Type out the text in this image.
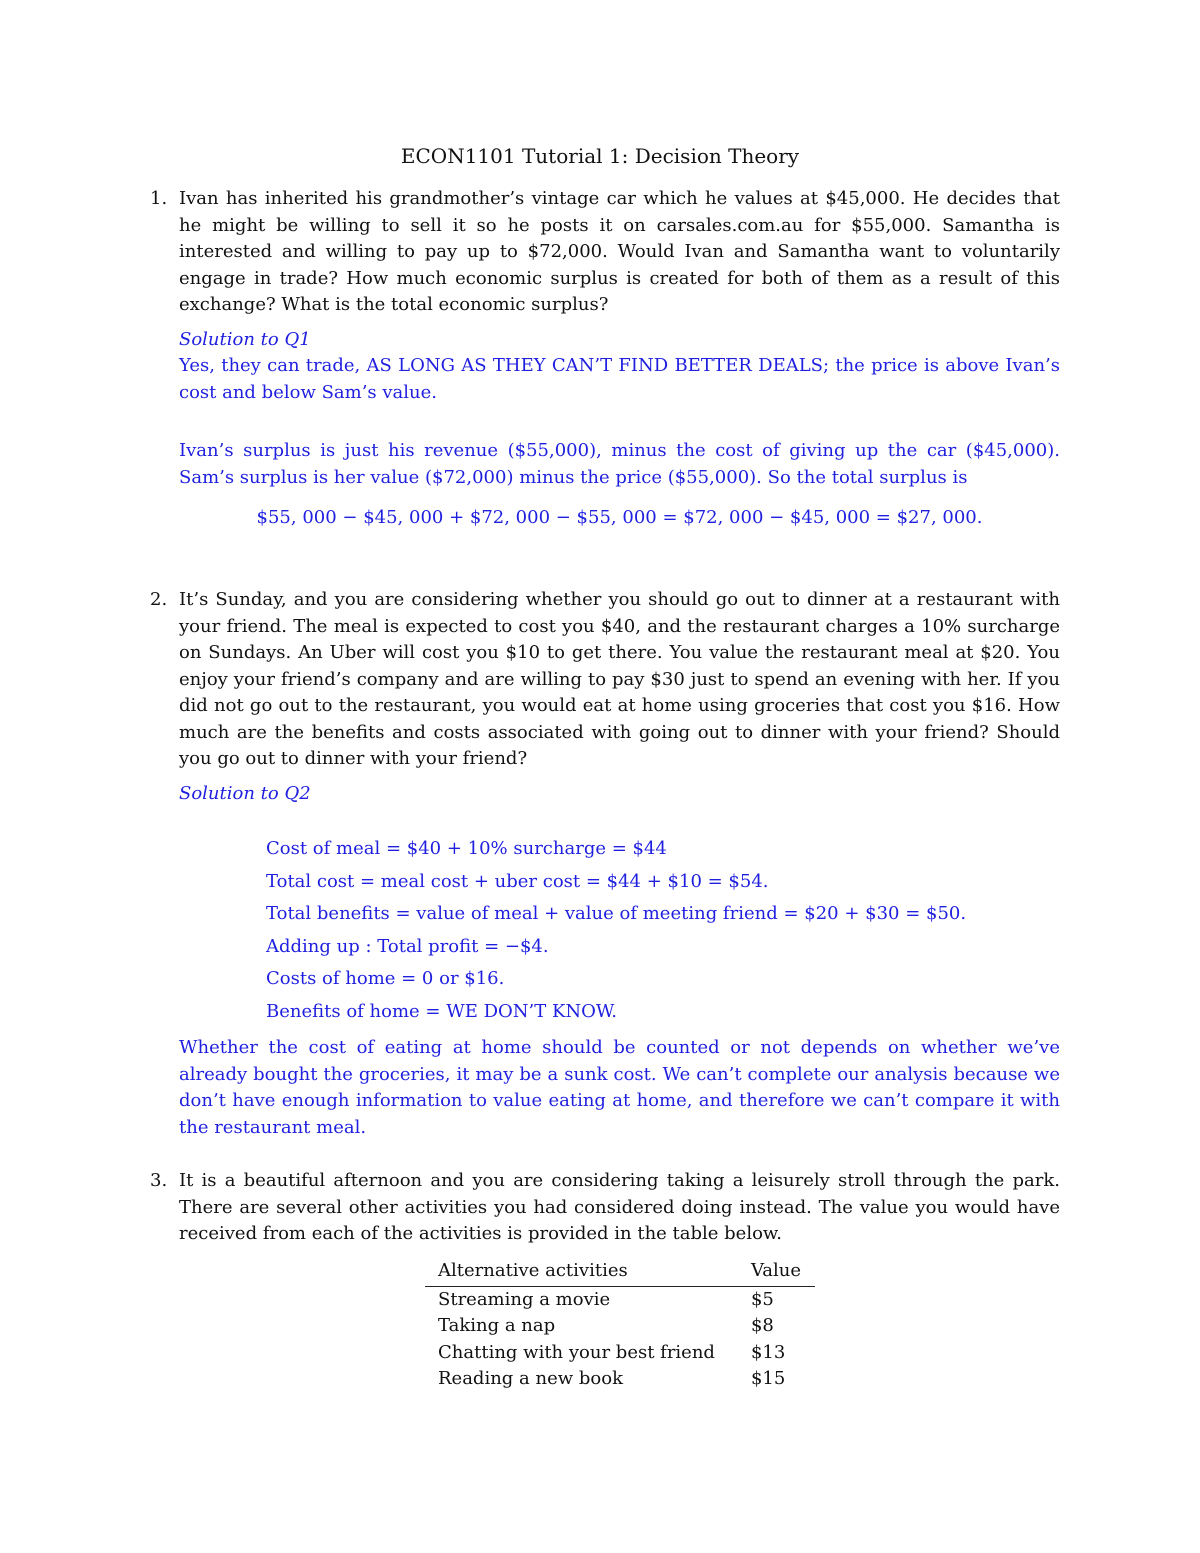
ECON1101 Tutorial 1: Decision Theory
1. Ivan has inherited his grandmother’s vintage car which he values at $45,000. He decides that he might be willing to sell it so he posts it on carsales.com.au for $55,000. Samantha is interested and willing to pay up to $72,000. Would Ivan and Samantha want to voluntarily engage in trade? How much economic surplus is created for both of them as a result of this exchange? What is the total economic surplus?

Solution to Q1

Yes, they can trade, AS LONG AS THEY CAN’T FIND BETTER DEALS; the price is above Ivan’s cost and below Sam’s value.

Ivan’s surplus is just his revenue ($55,000), minus the cost of giving up the car ($45,000). Sam’s surplus is her value ($72,000) minus the price ($55,000). So the total surplus is

$55, 000 − $45, 000 + $72, 000 − $55, 000 = $72, 000 − $45, 000 = $27, 000.
2. It’s Sunday, and you are considering whether you should go out to dinner at a restaurant with your friend. The meal is expected to cost you $40, and the restaurant charges a 10% surcharge on Sundays. An Uber will cost you $10 to get there. You value the restaurant meal at $20. You enjoy your friend’s company and are willing to pay $30 just to spend an evening with her. If you did not go out to the restaurant, you would eat at home using groceries that cost you $16. How much are the benefits and costs associated with going out to dinner with your friend? Should you go out to dinner with your friend?

Solution to Q2

Cost of meal = $40 + 10% surcharge = $44
Total cost = meal cost + uber cost = $44 + $10 = $54.
Total benefits = value of meal + value of meeting friend = $20 + $30 = $50.
Adding up : Total profit = −$4.
Costs of home = 0 or $16.
Benefits of home = WE DON’T KNOW.

Whether the cost of eating at home should be counted or not depends on whether we’ve already bought the groceries, it may be a sunk cost. We can’t complete our analysis because we don’t have enough information to value eating at home, and therefore we can’t compare it with the restaurant meal.

3. It is a beautiful afternoon and you are considering taking a leisurely stroll through the park. There are several other activities you had considered doing instead. The value you would have received from each of the activities is provided in the table below.

Alternative activities	Value
Streaming a movie	$5
Taking a nap	$8
Chatting with your best friend	$13
Reading a new book	$15
